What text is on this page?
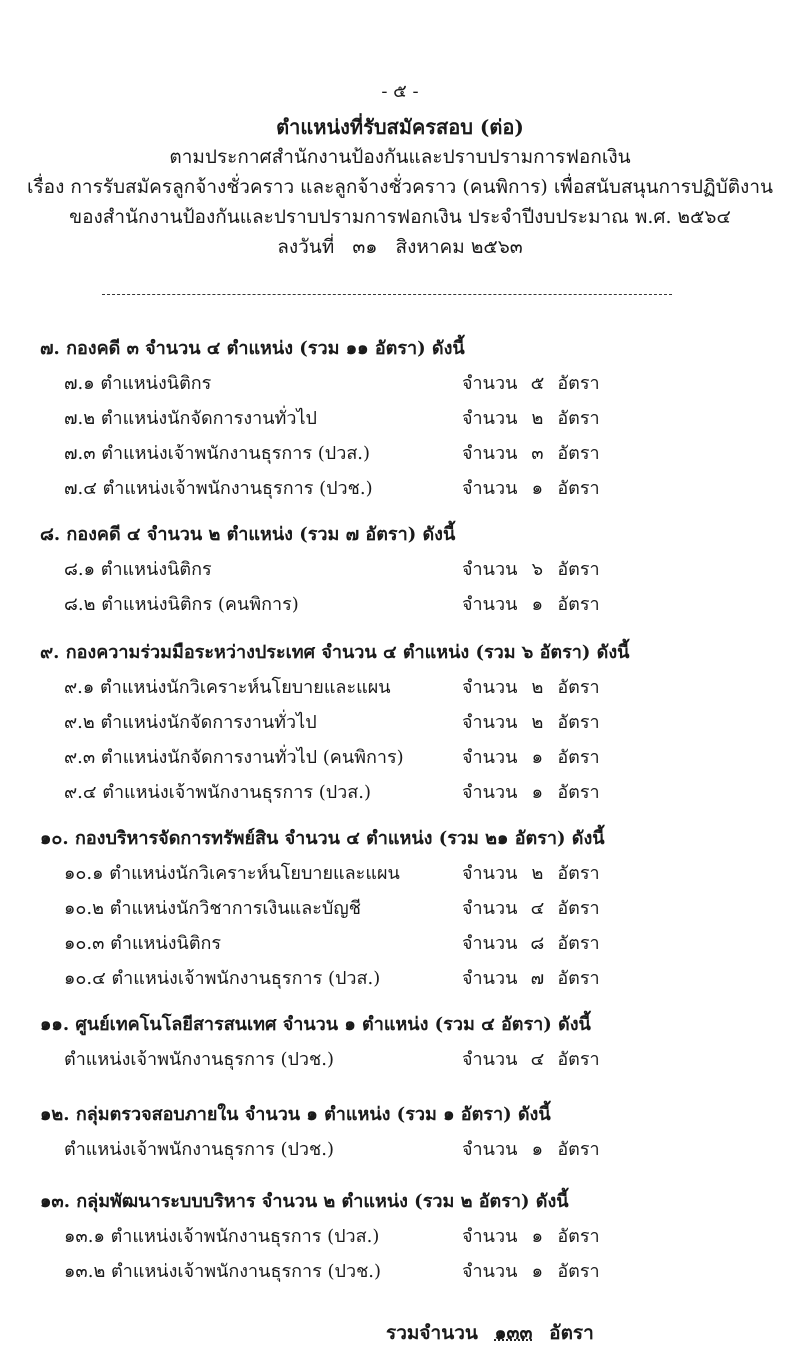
- ๕ -
ตำแหน่งที่รับสมัครสอบ (ต่อ)
ตามประกาศสำนักงานป้องกันและปราบปรามการฟอกเงิน
เรื่อง การรับสมัครลูกจ้างชั่วคราว และลูกจ้างชั่วคราว (คนพิการ) เพื่อสนับสนุนการปฏิบัติงาน
ของสำนักงานป้องกันและปราบปรามการฟอกเงิน ประจำปีงบประมาณ พ.ศ. ๒๕๖๔
ลงวันที่ ๓๑ สิงหาคม ๒๕๖๓
๗. กองคดี ๓ จำนวน ๔ ตำแหน่ง (รวม ๑๑ อัตรา) ดังนี้
๗.๑ ตำแหน่งนิติกร	จำนวน ๕ อัตรา
๗.๒ ตำแหน่งนักจัดการงานทั่วไป	จำนวน ๒ อัตรา
๗.๓ ตำแหน่งเจ้าพนักงานธุรการ (ปวส.)	จำนวน ๓ อัตรา
๗.๔ ตำแหน่งเจ้าพนักงานธุรการ (ปวช.)	จำนวน ๑ อัตรา
๘. กองคดี ๔ จำนวน ๒ ตำแหน่ง (รวม ๗ อัตรา) ดังนี้
๘.๑ ตำแหน่งนิติกร	จำนวน ๖ อัตรา
๘.๒ ตำแหน่งนิติกร (คนพิการ)	จำนวน ๑ อัตรา
๙. กองความร่วมมือระหว่างประเทศ จำนวน ๔ ตำแหน่ง (รวม ๖ อัตรา) ดังนี้
๙.๑ ตำแหน่งนักวิเคราะห์นโยบายและแผน	จำนวน ๒ อัตรา
๙.๒ ตำแหน่งนักจัดการงานทั่วไป	จำนวน ๒ อัตรา
๙.๓ ตำแหน่งนักจัดการงานทั่วไป (คนพิการ)	จำนวน ๑ อัตรา
๙.๔ ตำแหน่งเจ้าพนักงานธุรการ (ปวส.)	จำนวน ๑ อัตรา
๑๐. กองบริหารจัดการทรัพย์สิน จำนวน ๔ ตำแหน่ง (รวม ๒๑ อัตรา) ดังนี้
๑๐.๑ ตำแหน่งนักวิเคราะห์นโยบายและแผน	จำนวน ๒ อัตรา
๑๐.๒ ตำแหน่งนักวิชาการเงินและบัญชี	จำนวน ๔ อัตรา
๑๐.๓ ตำแหน่งนิติกร	จำนวน ๘ อัตรา
๑๐.๔ ตำแหน่งเจ้าพนักงานธุรการ (ปวส.)	จำนวน ๗ อัตรา
๑๑. ศูนย์เทคโนโลยีสารสนเทศ จำนวน ๑ ตำแหน่ง (รวม ๔ อัตรา) ดังนี้
ตำแหน่งเจ้าพนักงานธุรการ (ปวช.)	จำนวน ๔ อัตรา
๑๒. กลุ่มตรวจสอบภายใน จำนวน ๑ ตำแหน่ง (รวม ๑ อัตรา) ดังนี้
ตำแหน่งเจ้าพนักงานธุรการ (ปวช.)	จำนวน ๑ อัตรา
๑๓. กลุ่มพัฒนาระบบบริหาร จำนวน ๒ ตำแหน่ง (รวม ๒ อัตรา) ดังนี้
๑๓.๑ ตำแหน่งเจ้าพนักงานธุรการ (ปวส.)	จำนวน ๑ อัตรา
๑๓.๒ ตำแหน่งเจ้าพนักงานธุรการ (ปวช.)	จำนวน ๑ อัตรา
รวมจำนวน ๑๓๓ อัตรา
